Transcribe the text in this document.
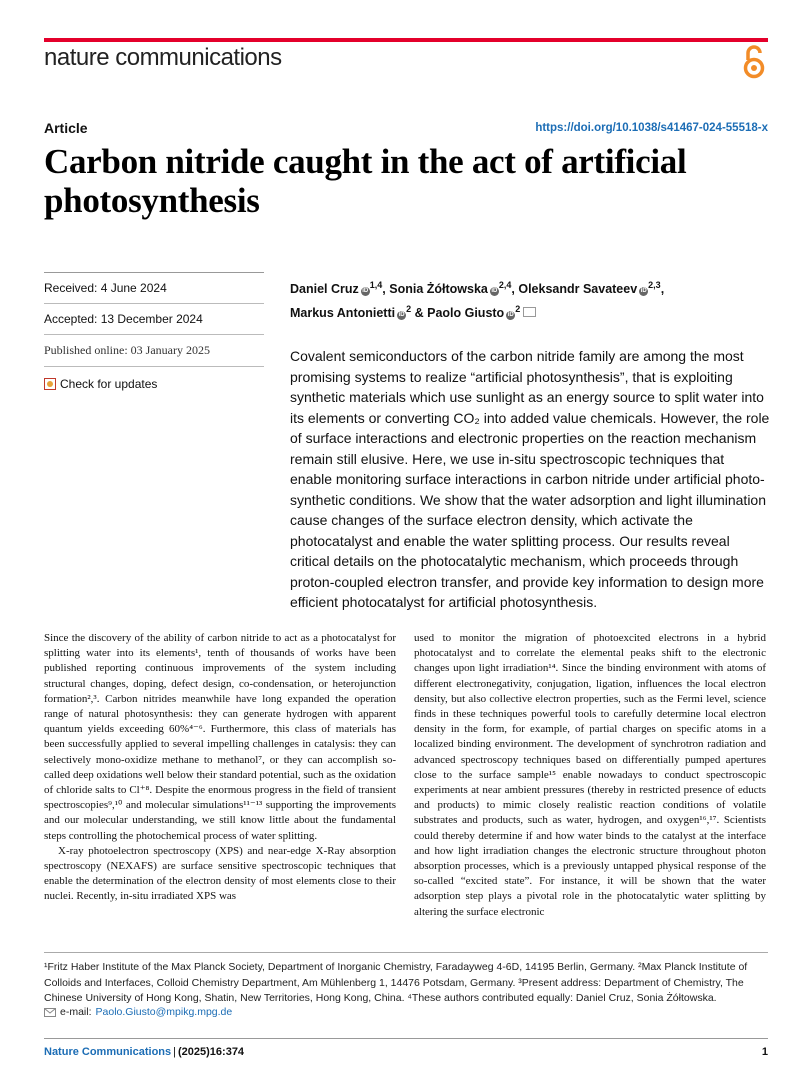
nature communications
Article	https://doi.org/10.1038/s41467-024-55518-x
Carbon nitride caught in the act of artificial photosynthesis
Received: 4 June 2024
Accepted: 13 December 2024
Published online: 03 January 2025
Check for updates
Daniel Cruz iD$^{1,4}$, Sonia Żółtowska iD$^{2,4}$, Oleksandr Savateev iD$^{2,3}$,
Markus Antonietti $iD^2$ & Paolo Giusto $iD^2$

Covalent semiconductors of the carbon nitride family are among the most promising systems to realize “artificial photosynthesis”, that is exploiting synthetic materials which use sunlight as an energy source to split water into its elements or converting CO₂ into added value chemicals. However, the role of surface interactions and electronic properties on the reaction mechanism remain still elusive. Here, we use in-situ spectroscopic techniques that enable monitoring surface interactions in carbon nitride under artificial photo-synthetic conditions. We show that the water adsorption and light illumination cause changes of the surface electron density, which activate the photocatalyst and enable the water splitting process. Our results reveal critical details on the photocatalytic mechanism, which proceeds through proton-coupled electron transfer, and provide key information to design more efficient photocatalyst for artificial photosynthesis.

Since the discovery of the ability of carbon nitride to act as a photocatalyst for splitting water into its elements¹, tenth of thousands of works have been published reporting continuous improvements of the system including structural changes, doping, defect design, co-condensation, or heterojunction formation²,³. Carbon nitrides meanwhile have long expanded the operation range of natural photosynthesis: they can generate hydrogen with apparent quantum yields exceeding 60%⁴⁻⁶. Furthermore, this class of materials has been successfully applied to several impelling challenges in catalysis: they can selectively mono-oxidize methane to methanol⁷, or they can accomplish so-called deep oxidations well below their standard potential, such as the oxidation of chloride salts to Cl⁺⁸. Despite the enormous progress in the field of transient spectroscopies⁹,¹⁰ and molecular simulations¹¹⁻¹³ supporting the improvements and our molecular understanding, we still know little about the fundamental steps controlling the photochemical process of water splitting.

X-ray photoelectron spectroscopy (XPS) and near-edge X-Ray absorption spectroscopy (NEXAFS) are surface sensitive spectroscopic techniques that enable the determination of the electron density of most elements close to their nuclei. Recently, in-situ irradiated XPS was

used to monitor the migration of photoexcited electrons in a hybrid photocatalyst and to correlate the elemental peaks shift to the electronic changes upon light irradiation¹⁴. Since the binding environment with atoms of different electronegativity, conjugation, ligation, influences the local electron density, but also collective electron properties, such as the Fermi level, science finds in these techniques powerful tools to carefully determine local electron density in the form, for example, of partial charges on specific atoms in a localized binding environment. The development of synchrotron radiation and advanced spectroscopy techniques based on differentially pumped apertures close to the surface sample¹⁵ enable nowadays to conduct spectroscopic experiments at near ambient pressures (thereby in restricted presence of educts and products) to mimic closely realistic reaction conditions of volatile substrates and products, such as water, hydrogen, and oxygen¹⁶,¹⁷. Scientists could thereby determine if and how water binds to the catalyst at the interface and how light irradiation changes the electronic structure throughout photon absorption processes, which is a previously untapped physical response of the so-called “excited state”. For instance, it will be shown that the water adsorption step plays a pivotal role in the photocatalytic water splitting by altering the surface electronic

¹Fritz Haber Institute of the Max Planck Society, Department of Inorganic Chemistry, Faradayweg 4-6D, 14195 Berlin, Germany. ²Max Planck Institute of Colloids and Interfaces, Colloid Chemistry Department, Am Mühlenberg 1, 14476 Potsdam, Germany. ³Present address: Department of Chemistry, The Chinese University of Hong Kong, Shatin, New Territories, Hong Kong, China. ⁴These authors contributed equally: Daniel Cruz, Sonia Żółtowska.

e-mail: Paolo.Giusto@mpikg.mpg.de
Nature Communications | (2025)16:374	1
